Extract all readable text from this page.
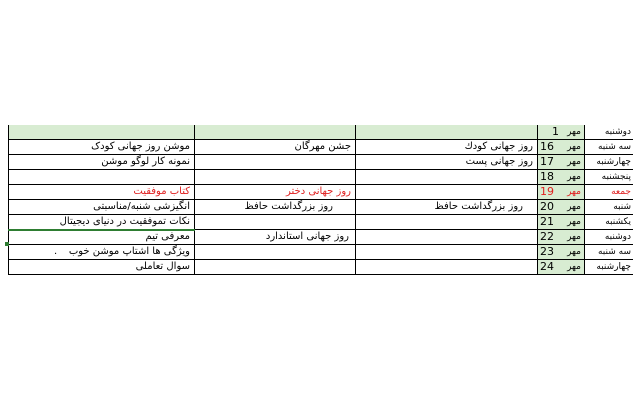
دوشنبه
مهر
1
سه شنبه
مهر
16
روز جهانی کودك
جشن مهرگان
موشن روز جهانی کودک
چهارشنبه
مهر
17
روز جهانی پست
نمونه کار لوگو موشن
پنجشنبه
مهر
18
جمعه
مهر
19
روز جهانی دختر
کتاب موفقیت
شنبه
مهر
20
روز بزرگداشت حافظ
روز بزرگداشت حافظ
انگیزشی شنبه/مناسبتی
یکشنبه
مهر
21
نکات تموفقیت در دنیای دیجیتال
دوشنبه
مهر
22
روز جهانی استاندارد
معرفی تیم
سه شنبه
مهر
23
ویژگی ها اشتاپ موشن خوب
.
چهارشنبه
مهر
24
سوال تعاملی
